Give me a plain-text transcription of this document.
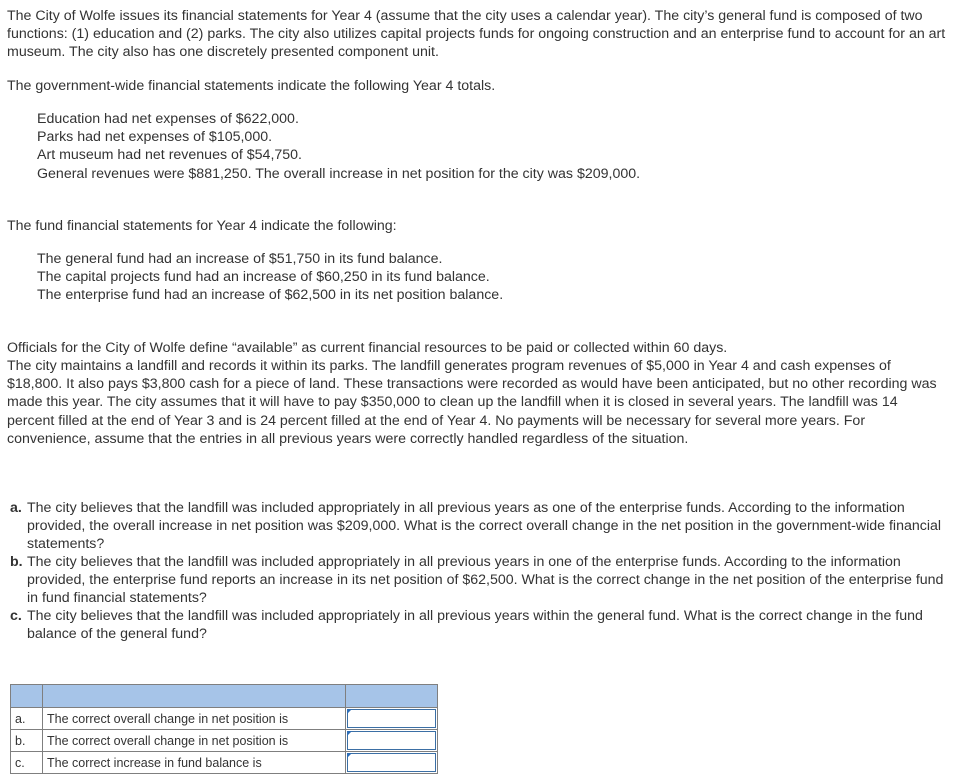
The City of Wolfe issues its financial statements for Year 4 (assume that the city uses a calendar year). The city’s general fund is composed of two functions: (1) education and (2) parks. The city also utilizes capital projects funds for ongoing construction and an enterprise fund to account for an art museum. The city also has one discretely presented component unit.

The government-wide financial statements indicate the following Year 4 totals.

Education had net expenses of $622,000.
Parks had net expenses of $105,000.
Art museum had net revenues of $54,750.
General revenues were $881,250. The overall increase in net position for the city was $209,000.

The fund financial statements for Year 4 indicate the following:

The general fund had an increase of $51,750 in its fund balance.
The capital projects fund had an increase of $60,250 in its fund balance.
The enterprise fund had an increase of $62,500 in its net position balance.

Officials for the City of Wolfe define “available” as current financial resources to be paid or collected within 60 days.

The city maintains a landfill and records it within its parks. The landfill generates program revenues of $5,000 in Year 4 and cash expenses of $18,800. It also pays $3,800 cash for a piece of land. These transactions were recorded as would have been anticipated, but no other recording was made this year. The city assumes that it will have to pay $350,000 to clean up the landfill when it is closed in several years. The landfill was 14 percent filled at the end of Year 3 and is 24 percent filled at the end of Year 4. No payments will be necessary for several more years. For convenience, assume that the entries in all previous years were correctly handled regardless of the situation.

a. The city believes that the landfill was included appropriately in all previous years as one of the enterprise funds. According to the information provided, the overall increase in net position was $209,000. What is the correct overall change in the net position in the government-wide financial statements?
b. The city believes that the landfill was included appropriately in all previous years in one of the enterprise funds. According to the information provided, the enterprise fund reports an increase in its net position of $62,500. What is the correct change in the net position of the enterprise fund in fund financial statements?
c. The city believes that the landfill was included appropriately in all previous years within the general fund. What is the correct change in the fund balance of the general fund?

a.	The correct overall change in net position is	

b.	The correct overall change in net position is	

c.	The correct increase in fund balance is	
